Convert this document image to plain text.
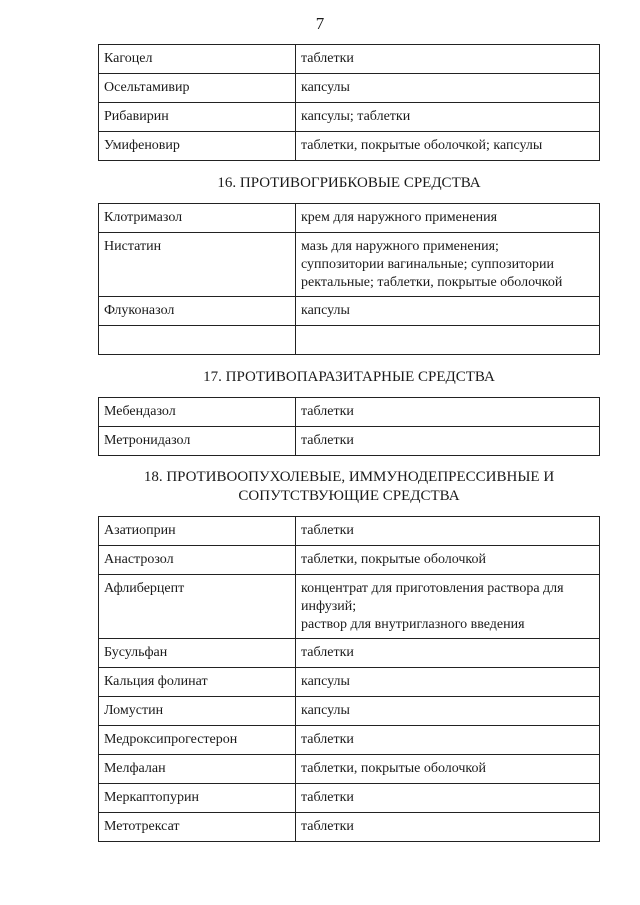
7
Кагоцел	таблетки
Осельтамивир	капсулы
Рибавирин	капсулы; таблетки
Умифеновир	таблетки, покрытые оболочкой; капсулы
16. ПРОТИВОГРИБКОВЫЕ СРЕДСТВА
Клотримазол	крем для наружного применения
Нистатин	мазь для наружного применения;
суппозитории вагинальные; суппозитории ректальные; таблетки, покрытые оболочкой
Флуконазол	капсулы

17. ПРОТИВОПАРАЗИТАРНЫЕ СРЕДСТВА
Мебендазол	таблетки
Метронидазол	таблетки
18. ПРОТИВООПУХОЛЕВЫЕ, ИММУНОДЕПРЕССИВНЫЕ И
СОПУТСТВУЮЩИЕ СРЕДСТВА
Азатиоприн	таблетки
Анастрозол	таблетки, покрытые оболочкой
Афлиберцепт	концентрат для приготовления раствора для инфузий;
раствор для внутриглазного введения
Бусульфан	таблетки
Кальция фолинат	капсулы
Ломустин	капсулы
Медроксипрогестерон	таблетки
Мелфалан	таблетки, покрытые оболочкой
Меркаптопурин	таблетки
Метотрексат	таблетки
